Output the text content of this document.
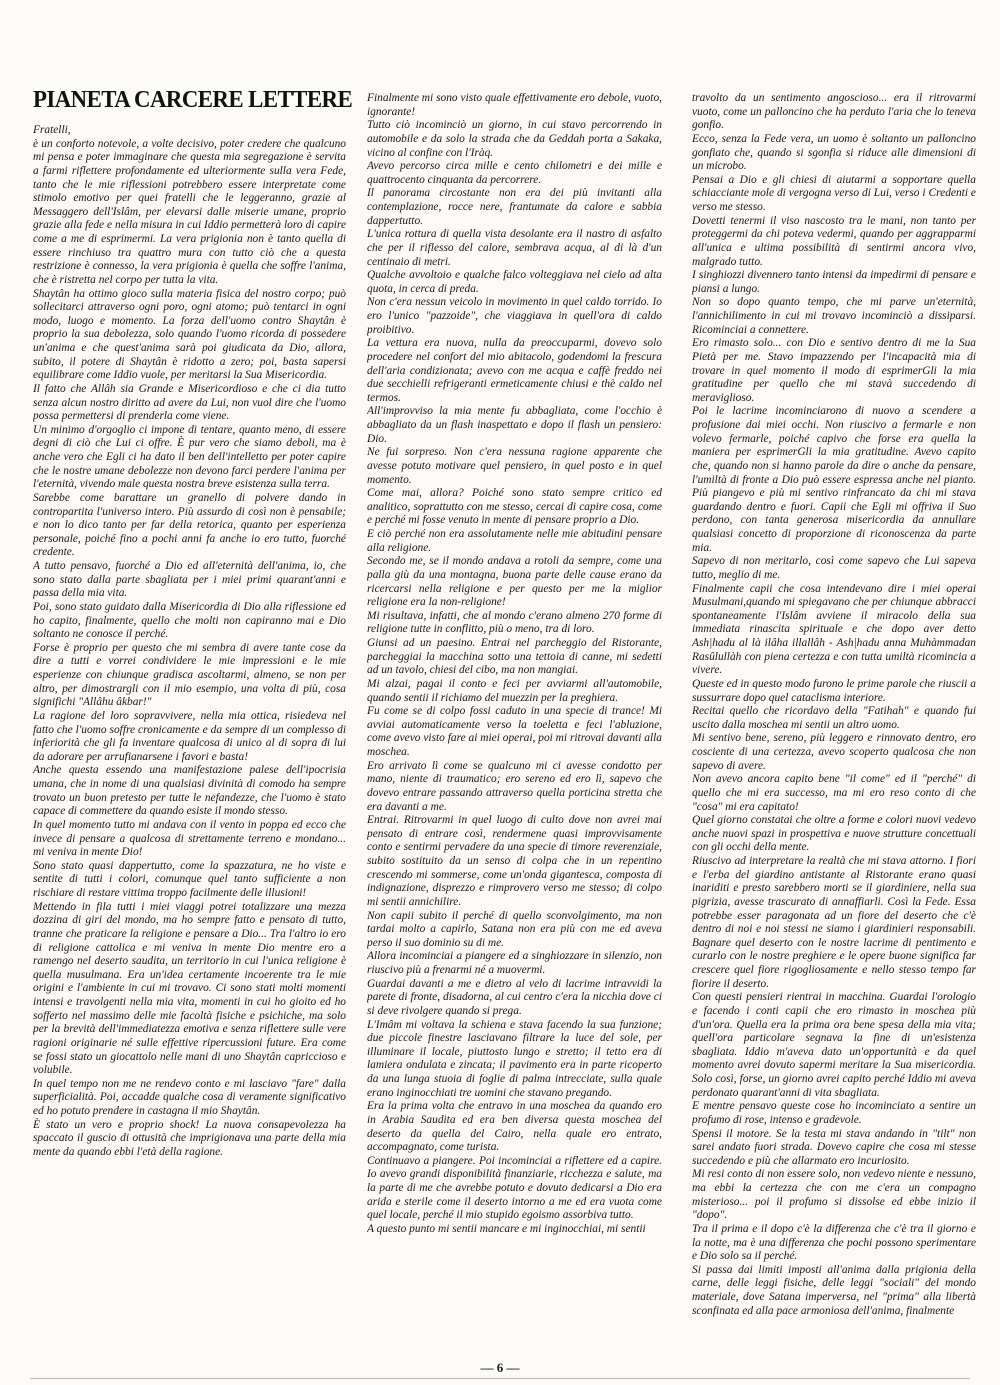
PIANETA CARCERE LETTERE

Fratelli,

è un conforto notevole, a volte decisivo, poter credere che qualcuno mi pensa e poter immaginare che questa mia segregazione è servita a farmi riflettere profondamente ed ulteriormente sulla vera Fede, tanto che le mie riflessioni potrebbero essere interpretate come stimolo emotivo per quei fratelli che le leggeranno, grazie al Messaggero dell'Islâm, per elevarsi dalle miserie umane, proprio grazie alla fede e nella misura in cui Iddio permetterà loro di capire come a me di esprimermi. La vera prigionia non è tanto quella di essere rinchiuso tra quattro mura con tutto ciò che a questa restrizione è connesso, la vera prigionia è quella che soffre l'anima, che è ristretta nel corpo per tutta la vita.

Shaytân ha ottimo gioco sulla materia fisica del nostro corpo; può sollecitarci attraverso ogni poro, ogni atomo; può tentarci in ogni modo, luogo e momento. La forza dell'uomo contro Shaytân è proprio la sua debolezza, solo quando l'uomo ricorda di possedere un'anima e che quest'anima sarà poi giudicata da Dio, allora, subito, il potere di Shaytân è ridotto a zero; poi, basta sapersi equilibrare come Iddio vuole, per meritarsi la Sua Misericordia.

Il fatto che Allâh sia Grande e Misericordioso e che ci dia tutto senza alcun nostro diritto ad avere da Lui, non vuol dire che l'uomo possa permettersi di prenderla come viene.

Un minimo d'orgoglio ci impone di tentare, quanto meno, di essere degni di ciò che Lui ci offre. È pur vero che siamo deboli, ma è anche vero che Egli ci ha dato il ben dell'intelletto per poter capire che le nostre umane debolezze non devono farci perdere l'anima per l'eternità, vivendo male questa nostra breve esistenza sulla terra.

Sarebbe come barattare un granello di polvere dando in contropartita l'universo intero. Più assurdo di così non è pensabile; e non lo dico tanto per far della retorica, quanto per esperienza personale, poiché fino a pochi anni fa anche io ero tutto, fuorché credente.

A tutto pensavo, fuorché a Dio ed all'eternità dell'anima, io, che sono stato dalla parte sbagliata per i miei primi quarant'anni e passa della mia vita.

Poi, sono stato guidato dalla Misericordia di Dio alla riflessione ed ho capito, finalmente, quello che molti non capiranno mai e Dio soltanto ne conosce il perché.

Forse è proprio per questo che mi sembra di avere tante cose da dire a tutti e vorrei condividere le mie impressioni e le mie esperienze con chiunque gradisca ascoltarmi, almeno, se non per altro, per dimostrargli con il mio esempio, una volta di più, cosa significhi "Allâhu âkbar!"

La ragione del loro sopravvivere, nella mia ottica, risiedeva nel fatto che l'uomo soffre cronicamente e da sempre di un complesso di inferiorità che gli fa inventare qualcosa di unico al di sopra di lui da adorare per arrufianarsene i favori e basta!

Anche questa essendo una manifestazione palese dell'ipocrisia umana, che in nome di una qualsiasi divinità di comodo ha sempre trovato un buon pretesto per tutte le nefandezze, che l'uomo è stato capace di commettere da quando esiste il mondo stesso.

In quel momento tutto mi andava con il vento in poppa ed ecco che invece di pensare a qualcosa di strettamente terreno e mondano... mi veniva in mente Dio!

Sono stato quasi dappertutto, come la spazzatura, ne ho viste e sentite di tutti i colori, comunque quel tanto sufficiente a non rischiare di restare vittima troppo facilmente delle illusioni!

Mettendo in fila tutti i miei viaggi potrei totalizzare una mezza dozzina di giri del mondo, ma ho sempre fatto e pensato di tutto, tranne che praticare la religione e pensare a Dio... Tra l'altro io ero di religione cattolica e mi veniva in mente Dio mentre ero a ramengo nel deserto saudita, un territorio in cui l'unica religione è quella musulmana. Era un'idea certamente incoerente tra le mie origini e l'ambiente in cui mi trovavo. Ci sono stati molti momenti intensi e travolgenti nella mia vita, momenti in cui ho gioito ed ho sofferto nel massimo delle mie facoltà fisiche e psichiche, ma solo per la brevità dell'immediatezza emotiva e senza riflettere sulle vere ragioni originarie né sulle effettive ripercussioni future. Era come se fossi stato un giocattolo nelle mani di uno Shaytân capriccioso e volubile.

In quel tempo non me ne rendevo conto e mi lasciavo "fare" dalla superficialità. Poi, accadde qualche cosa di veramente significativo ed ho potuto prendere in castagna il mio Shaytân.

È stato un vero e proprio shock! La nuova consapevolezza ha spaccato il guscio di ottusità che imprigionava una parte della mia mente da quando ebbi l'età della ragione.

Finalmente mi sono visto quale effettivamente ero debole, vuoto, ignorante!

Tutto ciò incominciò un giorno, in cui stavo percorrendo in automobile e da solo la strada che da Geddah porta a Sakaka, vicino al confine con l'Iràq.

Avevo percorso circa mille e cento chilometri e dei mille e quattrocento cinquanta da percorrere.

Il panorama circostante non era dei più invitanti alla contemplazione, rocce nere, frantumate da calore e sabbia dappertutto.

L'unica rottura di quella vista desolante era il nastro di asfalto che per il riflesso del calore, sembrava acqua, al di là d'un centinaio di metri.

Qualche avvoltoio e qualche falco volteggiava nel cielo ad alta quota, in cerca di preda.

Non c'era nessun veicolo in movimento in quel caldo torrido. Io ero l'unico "pazzoide", che viaggiava in quell'ora di caldo proibitivo.

La vettura era nuova, nulla da preoccuparmi, dovevo solo procedere nel confort del mio abitacolo, godendomi la frescura dell'aria condizionata; avevo con me acqua e caffè freddo nei due secchielli refrigeranti ermeticamente chiusi e thè caldo nel termos.

All'improvviso la mia mente fu abbagliata, come l'occhio è abbagliato da un flash inaspettato e dopo il flash un pensiero: Dio.

Ne fui sorpreso. Non c'era nessuna ragione apparente che avesse potuto motivare quel pensiero, in quel posto e in quel momento.

Come mai, allora? Poiché sono stato sempre critico ed analitico, soprattutto con me stesso, cercai di capire cosa, come e perché mi fosse venuto in mente di pensare proprio a Dio.

E ciò perché non era assolutamente nelle mie abitudini pensare alla religione.

Secondo me, se il mondo andava a rotoli da sempre, come una palla giù da una montagna, buona parte delle cause erano da ricercarsi nella religione e per questo per me la miglior religione era la non-religione!

Mi risultava, infatti, che al mondo c'erano almeno 270 forme di religione tutte in conflitto, più o meno, tra di loro.

Giunsi ad un paesino. Entrai nel parcheggio del Ristorante, parcheggiai la macchina sotto una tettoia di canne, mi sedetti ad un tavolo, chiesi del cibo, ma non mangiai.

Mi alzai, pagai il conto e feci per avviarmi all'automobile, quando sentii il richiamo del muezzin per la preghiera.

Fu come se di colpo fossi caduto in una specie di trance! Mi avviai automaticamente verso la toeletta e feci l'abluzione, come avevo visto fare ai miei operai, poi mi ritrovai davanti alla moschea.

Ero arrivato lì come se qualcuno mi ci avesse condotto per mano, niente di traumatico; ero sereno ed ero lì, sapevo che dovevo entrare passando attraverso quella porticina stretta che era davanti a me.

Entrai. Ritrovarmi in quel luogo di culto dove non avrei mai pensato di entrare così, rendermene quasi improvvisamente conto e sentirmi pervadere da una specie di timore reverenziale, subito sostituito da un senso di colpa che in un repentino crescendo mi sommerse, come un'onda gigantesca, composta di indignazione, disprezzo e rimprovero verso me stesso; di colpo mi sentii annichilire.

Non capii subito il perché di quello sconvolgimento, ma non tardai molto a capirlo, Satana non era più con me ed aveva perso il suo dominio su di me.

Allora incominciai a piangere ed a singhiozzare in silenzio, non riuscivo più a frenarmi né a muovermi.

Guardai davanti a me e dietro al velo di lacrime intravvidi la parete di fronte, disadorna, al cui centro c'era la nicchia dove ci si deve rivolgere quando si prega.

L'Imâm mi voltava la schiena e stava facendo la sua funzione; due piccole finestre lasciavano filtrare la luce del sole, per illuminare il locale, piuttosto lungo e stretto; il tetto era di lamiera ondulata e zincata; il pavimento era in parte ricoperto da una lunga stuoia di foglie di palma intrecciate, sulla quale erano inginocchiati tre uomini che stavano pregando.

Era la prima volta che entravo in una moschea da quando ero in Arabia Saudita ed era ben diversa questa moschea del deserto da quella del Cairo, nella quale ero entrato, accompagnato, come turista.

Continuavo a piangere. Poi incominciai a riflettere ed a capire. Io avevo grandi disponibilità finanziarie, ricchezza e salute, ma la parte di me che avrebbe potuto e dovuto dedicarsi a Dio era arida e sterile come il deserto intorno a me ed era vuota come quel locale, perché il mio stupido egoismo assorbiva tutto.

A questo punto mi sentii mancare e mi inginocchiai, mi sentii

travolto da un sentimento angoscioso... era il ritrovarmi vuoto, come un palloncino che ha perduto l'aria che lo teneva gonfio.

Ecco, senza la Fede vera, un uomo è soltanto un palloncino gonfiato che, quando si sgonfia si riduce alle dimensioni di un microbo.

Pensai a Dio e gli chiesi di aiutarmi a sopportare quella schiacciante mole di vergogna verso di Lui, verso i Credenti e verso me stesso.

Dovetti tenermi il viso nascosto tra le mani, non tanto per proteggermi da chi poteva vedermi, quando per aggrapparmi all'unica e ultima possibilità di sentirmi ancora vivo, malgrado tutto.

I singhiozzi divennero tanto intensi da impedirmi di pensare e piansi a lungo.

Non so dopo quanto tempo, che mi parve un'eternità, l'annichilimento in cui mi trovavo incominciò a dissiparsi. Ricominciai a connettere.

Ero rimasto solo... con Dio e sentivo dentro di me la Sua Pietà per me. Stavo impazzendo per l'incapacità mia di trovare in quel momento il modo di esprimerGli la mia gratitudine per quello che mi stavà succedendo di meraviglioso.

Poi le lacrime incominciarono di nuovo a scendere a profusione dai miei occhi. Non riuscivo a fermarle e non volevo fermarle, poiché capivo che forse era quella la maniera per esprimerGli la mia gratitudine. Avevo capito che, quando non si hanno parole da dire o anche da pensare, l'umiltà di fronte a Dio può essere espressa anche nel pianto. Più piangevo e più mi sentivo rinfrancato da chi mi stava guardando dentro e fuori. Capii che Egli mi offriva il Suo perdono, con tanta generosa misericordia da annullare qualsiasi concetto di proporzione di riconoscenza da parte mia.

Sapevo di non meritarlo, così come sapevo che Lui sapeva tutto, meglio di me.

Finalmente capii che cosa intendevano dire i miei operai Musulmani,quando mi spiegavano che per chiunque abbracci spontaneamente l'Islâm avviene il miracolo della sua immediata rinascita spirituale e che dopo aver detto Ash|hadu al là ilâha illallâh - Ash|hadu anna Muhàmmadan Rasûlullàh con piena certezza e con tutta umiltà ricomincia a vivere.

Queste ed in questo modo furono le prime parole che riuscii a sussurrare dopo quel cataclisma interiore.

Recitai quello che ricordavo della "Fatihah" e quando fui uscito dalla moschea mi sentii un altro uomo.

Mi sentivo bene, sereno, più leggero e rinnovato dentro, ero cosciente di una certezza, avevo scoperto qualcosa che non sapevo di avere.

Non avevo ancora capito bene "il come" ed il "perché" di quello che mi era successo, ma mi ero reso conto di che "cosa" mi era capitato!

Quel giorno constatai che oltre a forme e colori nuovi vedevo anche nuovi spazi in prospettiva e nuove strutture concettuali con gli occhi della mente.

Riuscivo ad interpretare la realtà che mi stava attorno. I fiori e l'erba del giardino antistante al Ristorante erano quasi inariditi e presto sarebbero morti se il giardiniere, nella sua pigrizia, avesse trascurato di annaffiarli. Così la Fede. Essa potrebbe esser paragonata ad un fiore del deserto che c'è dentro di noi e noi stessi ne siamo i giardinieri responsabili. Bagnare quel deserto con le nostre lacrime di pentimento e curarlo con le nostre preghiere e le opere buone significa far crescere quel fiore rigogliosamente e nello stesso tempo far fiorire il deserto.

Con questi pensieri rientrai in macchina. Guardai l'orologio e facendo i conti capii che ero rimasto in moschea più d'un'ora. Quella era la prima ora bene spesa della mia vita; quell'ora particolare segnava la fine di un'esistenza sbagliata. Iddio m'aveva dato un'opportunità e da quel momento avrei dovuto sapermi meritare la Sua misericordia. Solo così, forse, un giorno avrei capito perché Iddio mi aveva perdonato quarant'anni di vita sbagliata.

E mentre pensavo queste cose ho incominciato a sentire un profumo di rose, intenso e gradevole.

Spensi il motore. Se la testa mi stava andando in "tilt" non sarei andato fuori strada. Dovevo capire che cosa mi stesse succedendo e più che allarmato ero incuriosito.

Mi resi conto di non essere solo, non vedevo niente e nessuno, ma ebbi la certezza che con me c'era un compagno misterioso... poi il profumo si dissolse ed ebbe inizio il "dopo".

Tra il prima e il dopo c'è la differenza che c'è tra il giorno e la notte, ma è una differenza che pochi possono sperimentare e Dio solo sa il perché.

Si passa dai limiti imposti all'anima dalla prigionia della carne, delle leggi fisiche, delle leggi "sociali" del mondo materiale, dove Satana imperversa, nel "prima" alla libertà sconfinata ed alla pace armoniosa dell'anima, finalmente

— 6 —
